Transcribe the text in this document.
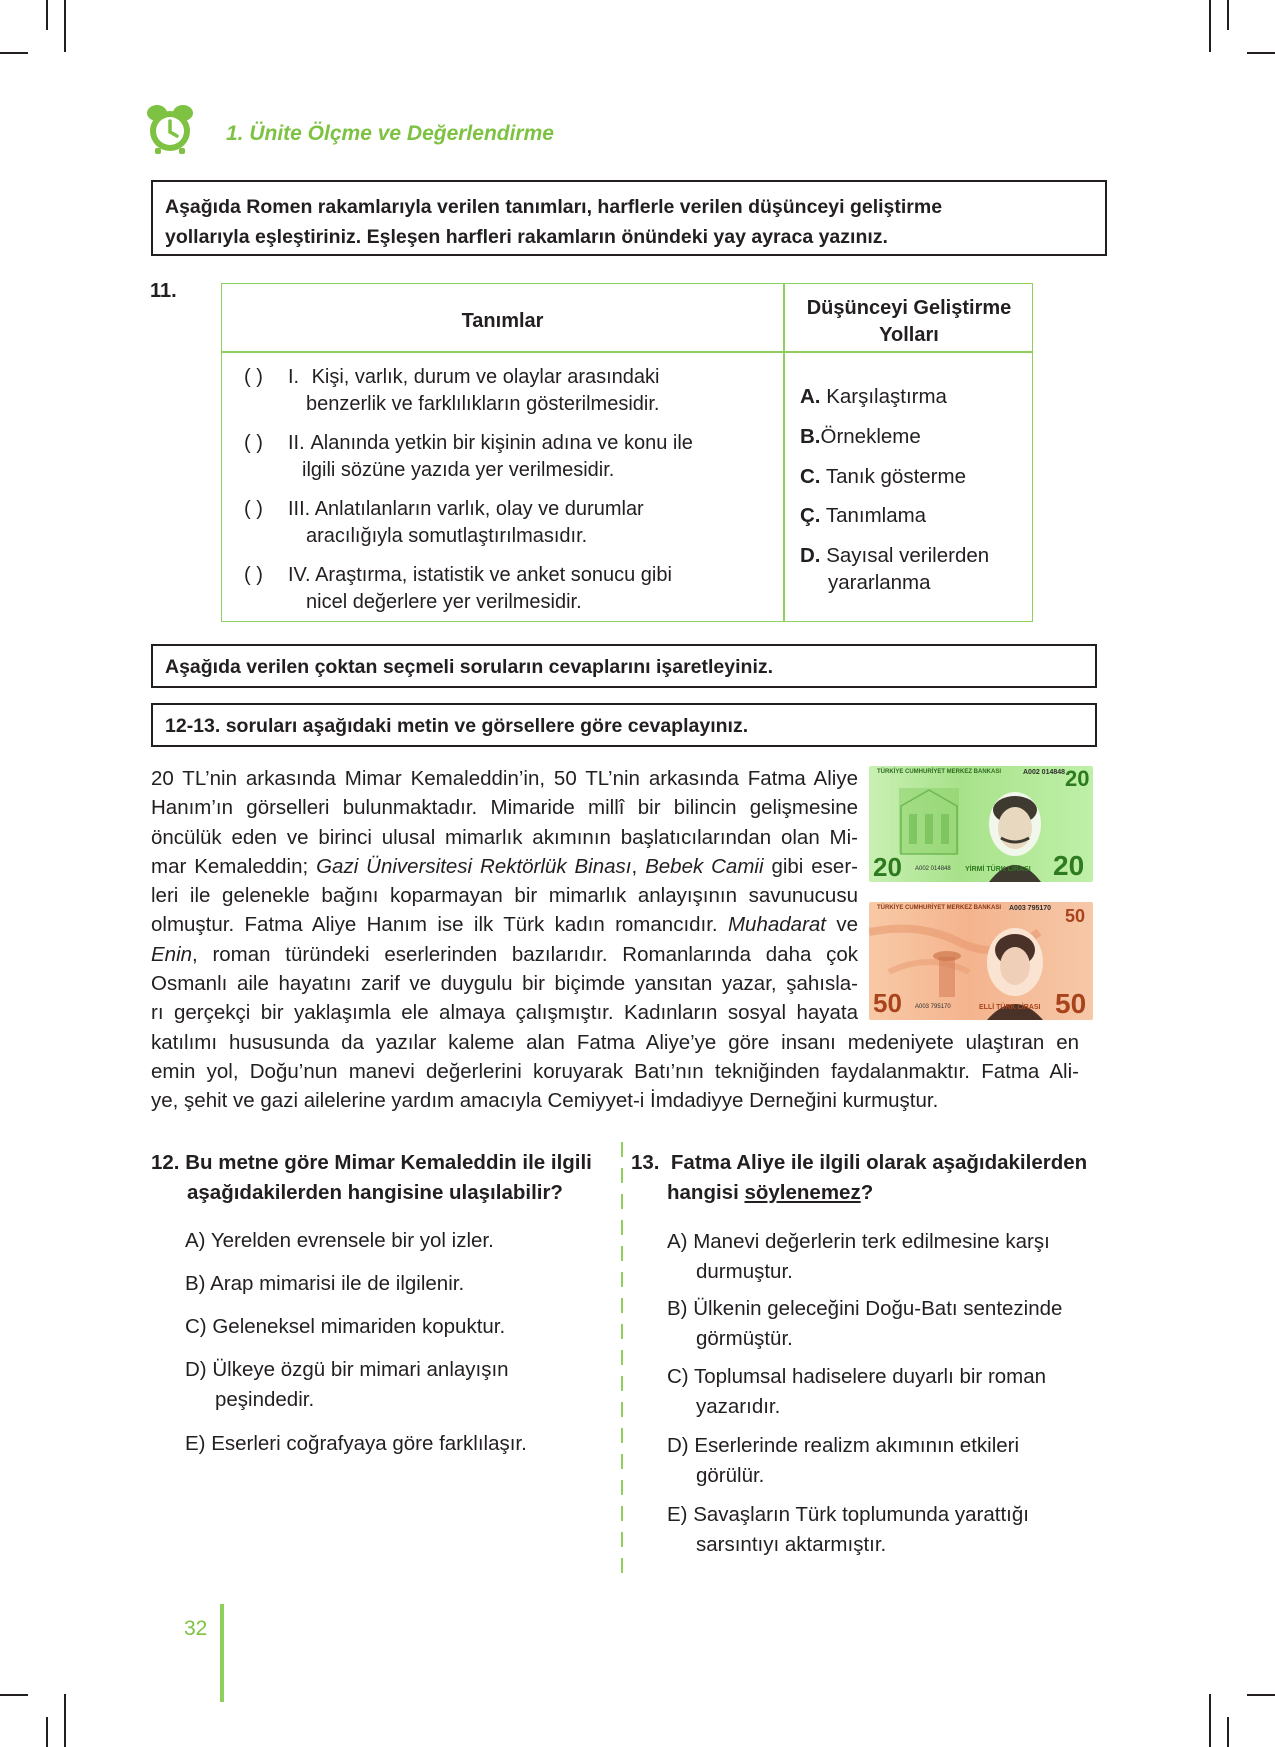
1. Ünite Ölçme ve Değerlendirme
Aşağıda Romen rakamlarıyla verilen tanımları, harflerle verilen düşünceyi geliştirme
yollarıyla eşleştiriniz. Eşleşen harfleri rakamların önündeki yay ayraca yazınız.
11.
Tanımlar
Düşünceyi Geliştirme
Yolları
( ) I. Kişi, varlık, durum ve olaylar arasındaki
benzerlik ve farklılıkların gösterilmesidir.
( ) II. Alanında yetkin bir kişinin adına ve konu ile
ilgili sözüne yazıda yer verilmesidir.
( ) III. Anlatılanların varlık, olay ve durumlar
aracılığıyla somutlaştırılmasıdır.
( ) IV. Araştırma, istatistik ve anket sonucu gibi
nicel değerlere yer verilmesidir.
A. Karşılaştırma
B.Örnekleme
C. Tanık gösterme
Ç. Tanımlama
D. Sayısal verilerden
yararlanma
Aşağıda verilen çoktan seçmeli soruların cevaplarını işaretleyiniz.
12-13. soruları aşağıdaki metin ve görsellere göre cevaplayınız.
20 TL’nin arkasında Mimar Kemaleddin’in, 50 TL’nin arkasında Fatma Aliye
Hanım’ın görselleri bulunmaktadır. Mimaride millî bir bilincin gelişmesine
öncülük eden ve birinci ulusal mimarlık akımının başlatıcılarından olan Mi-
mar Kemaleddin; Gazi Üniversitesi Rektörlük Binası, Bebek Camii gibi eser-
leri ile gelenekle bağını koparmayan bir mimarlık anlayışının savunucusu
olmuştur. Fatma Aliye Hanım ise ilk Türk kadın romancıdır. Muhadarat ve
Enin, roman türündeki eserlerinden bazılarıdır. Romanlarında daha çok
Osmanlı aile hayatını zarif ve duygulu bir biçimde yansıtan yazar, şahısla-
rı gerçekçi bir yaklaşımla ele almaya çalışmıştır. Kadınların sosyal hayata
katılımı hususunda da yazılar kaleme alan Fatma Aliye’ye göre insanı medeniyete ulaştıran en
emin yol, Doğu’nun manevi değerlerini koruyarak Batı’nın tekniğinden faydalanmaktır. Fatma Ali-
ye, şehit ve gazi ailelerine yardım amacıyla Cemiyyet-i İmdadiyye Derneğini kurmuştur.
TÜRKİYE CUMHURİYET MERKEZ BANKASI	A002 014848 20
20 A002 014848 YİRMİ TÜRK LİRASI 20
TÜRKİYE CUMHURİYET MERKEZ BANKASI A003 795170 50
50 A003 795170	ELLİ TÜRK LİRASI 50
12. Bu metne göre Mimar Kemaleddin ile ilgili
aşağıdakilerden hangisine ulaşılabilir?
A) Yerelden evrensele bir yol izler.
B) Arap mimarisi ile de ilgilenir.
C) Geleneksel mimariden kopuktur.
D) Ülkeye özgü bir mimari anlayışın
peşindedir.
E) Eserleri coğrafyaya göre farklılaşır.
13. Fatma Aliye ile ilgili olarak aşağıdakilerden
hangisi söylenemez?
A) Manevi değerlerin terk edilmesine karşı
durmuştur.
B) Ülkenin geleceğini Doğu-Batı sentezinde
görmüştür.
C) Toplumsal hadiselere duyarlı bir roman
yazarıdır.
D) Eserlerinde realizm akımının etkileri
görülür.
E) Savaşların Türk toplumunda yarattığı
sarsıntıyı aktarmıştır.
32
